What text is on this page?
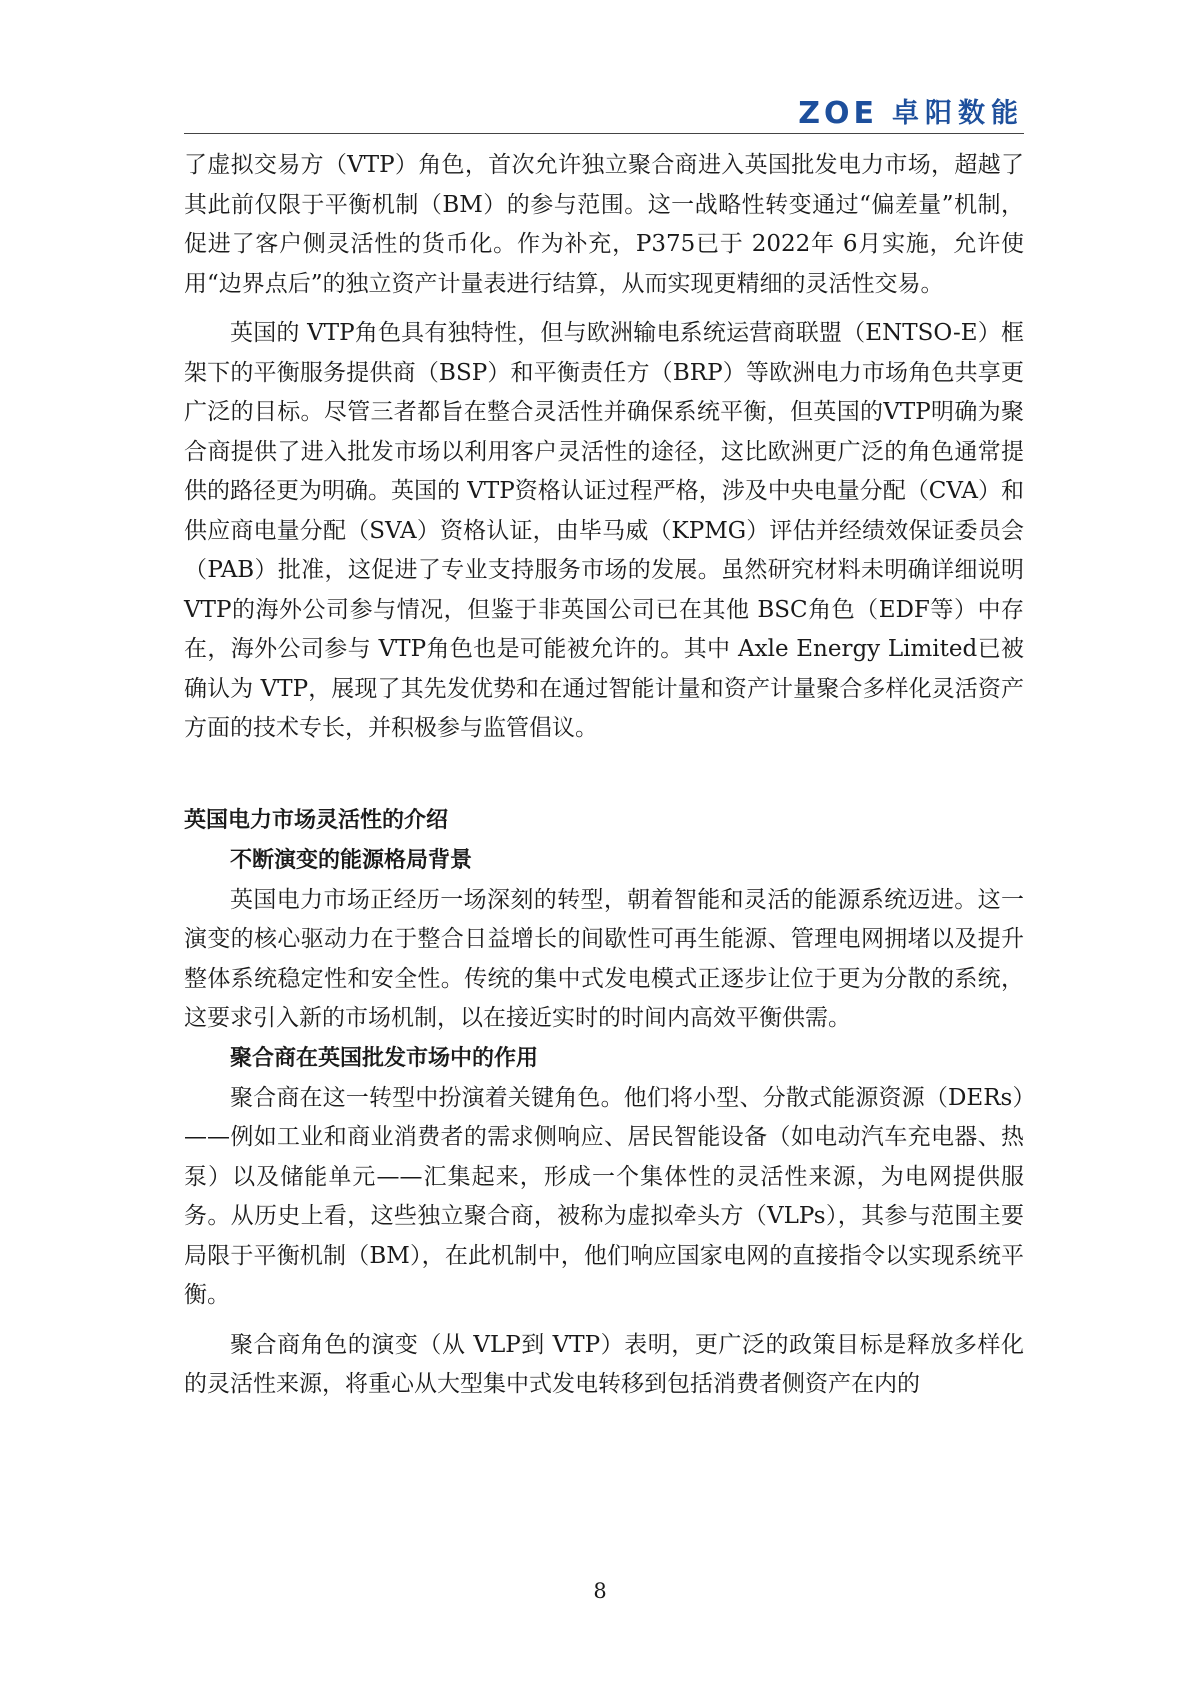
ZOE 卓阳数能

了虚拟交易方（VTP）角色，首次允许独立聚合商进入英国批发电力市场，超越了其此前仅限于平衡机制（BM）的参与范围。这一战略性转变通过“偏差量”机制，促进了客户侧灵活性的货币化。作为补充，P375已于 2022年 6月实施，允许使用“边界点后”的独立资产计量表进行结算，从而实现更精细的灵活性交易。

英国的 VTP角色具有独特性，但与欧洲输电系统运营商联盟（ENTSO-E）框架下的平衡服务提供商（BSP）和平衡责任方（BRP）等欧洲电力市场角色共享更广泛的目标。尽管三者都旨在整合灵活性并确保系统平衡，但英国的VTP明确为聚合商提供了进入批发市场以利用客户灵活性的途径，这比欧洲更广泛的角色通常提供的路径更为明确。英国的 VTP资格认证过程严格，涉及中央电量分配（CVA）和供应商电量分配（SVA）资格认证，由毕马威（KPMG）评估并经绩效保证委员会（PAB）批准，这促进了专业支持服务市场的发展。虽然研究材料未明确详细说明 VTP的海外公司参与情况，但鉴于非英国公司已在其他 BSC角色（EDF等）中存在，海外公司参与 VTP角色也是可能被允许的。其中 Axle Energy Limited已被确认为 VTP，展现了其先发优势和在通过智能计量和资产计量聚合多样化灵活资产方面的技术专长，并积极参与监管倡议。

英国电力市场灵活性的介绍
不断演变的能源格局背景

英国电力市场正经历一场深刻的转型，朝着智能和灵活的能源系统迈进。这一演变的核心驱动力在于整合日益增长的间歇性可再生能源、管理电网拥堵以及提升整体系统稳定性和安全性。传统的集中式发电模式正逐步让位于更为分散的系统，这要求引入新的市场机制，以在接近实时的时间内高效平衡供需。

聚合商在英国批发市场中的作用

聚合商在这一转型中扮演着关键角色。他们将小型、分散式能源资源（DERs）——例如工业和商业消费者的需求侧响应、居民智能设备（如电动汽车充电器、热泵）以及储能单元——汇集起来，形成一个集体性的灵活性来源，为电网提供服务。从历史上看，这些独立聚合商，被称为虚拟牵头方（VLPs），其参与范围主要局限于平衡机制（BM），在此机制中，他们响应国家电网的直接指令以实现系统平衡。

聚合商角色的演变（从 VLP到 VTP）表明，更广泛的政策目标是释放多样化的灵活性来源，将重心从大型集中式发电转移到包括消费者侧资产在内的

8
